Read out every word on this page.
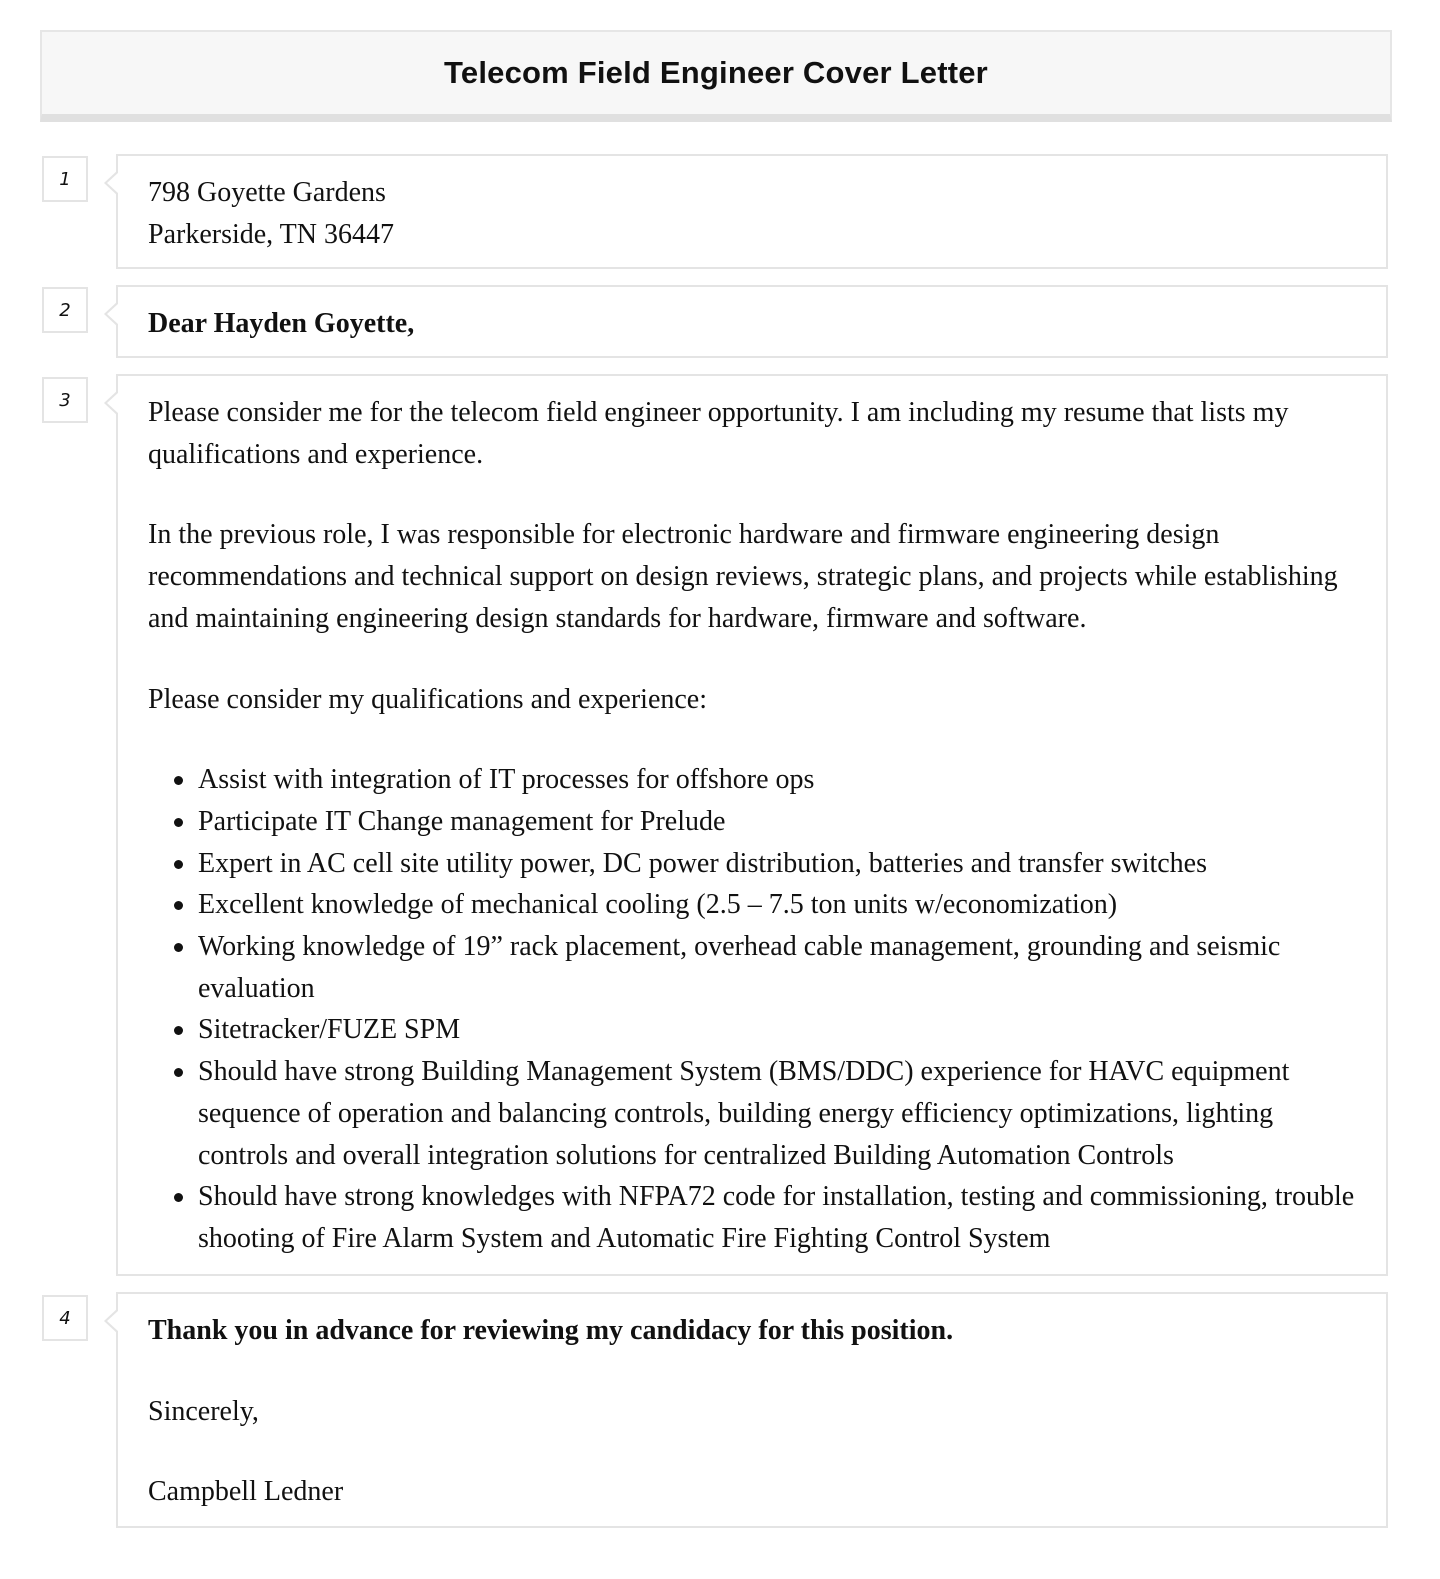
Telecom Field Engineer Cover Letter
1	798 Goyette Gardens

Parkerside, TN 36447

2	Dear Hayden Goyette,

3	Please consider me for the telecom field engineer opportunity. I am including my resume that lists my qualifications and experience.

In the previous role, I was responsible for electronic hardware and firmware engineering design recommendations and technical support on design reviews, strategic plans, and projects while establishing and maintaining engineering design standards for hardware, firmware and software.

Please consider my qualifications and experience:

Assist with integration of IT processes for offshore ops
Participate IT Change management for Prelude
Expert in AC cell site utility power, DC power distribution, batteries and transfer switches
Excellent knowledge of mechanical cooling (2.5 – 7.5 ton units w/economization)
Working knowledge of 19” rack placement, overhead cable management, grounding and seismic evaluation
Sitetracker/FUZE SPM
Should have strong Building Management System (BMS/DDC) experience for HAVC equipment sequence of operation and balancing controls, building energy efficiency optimizations, lighting controls and overall integration solutions for centralized Building Automation Controls
Should have strong knowledges with NFPA72 code for installation, testing and commissioning, trouble shooting of Fire Alarm System and Automatic Fire Fighting Control System
4	Thank you in advance for reviewing my candidacy for this position.

Sincerely,

Campbell Ledner
